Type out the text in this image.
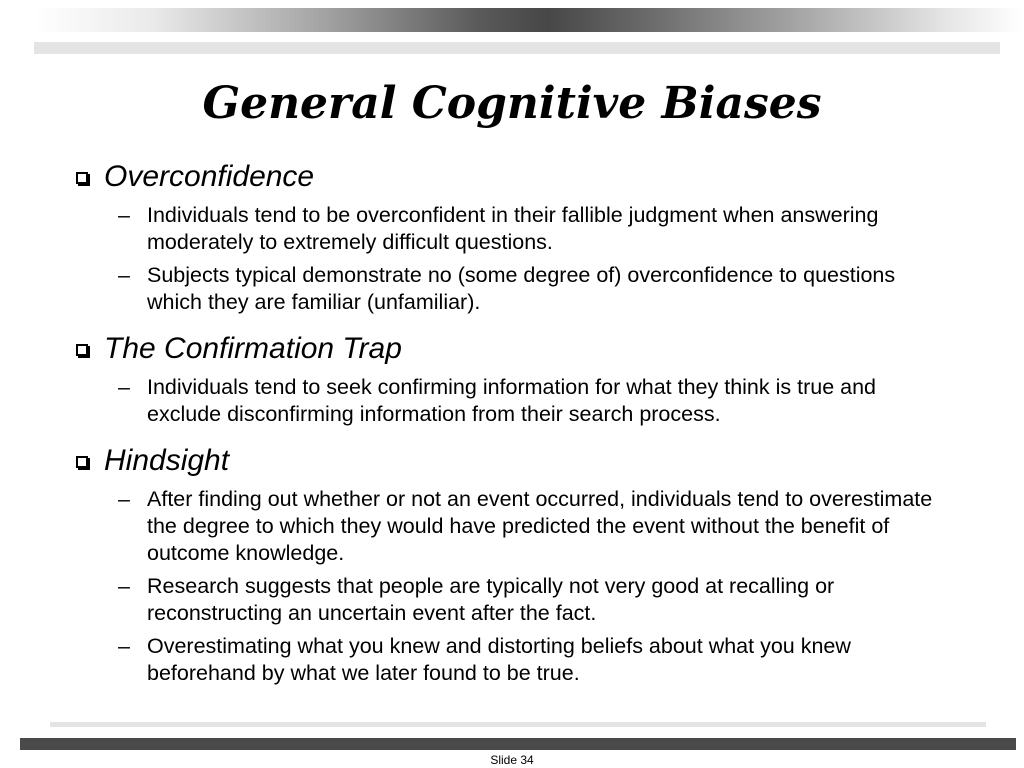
General Cognitive Biases
Overconfidence
– Individuals tend to be overconfident in their fallible judgment when answering moderately to extremely difficult questions.
– Subjects typical demonstrate no (some degree of) overconfidence to questions which they are familiar (unfamiliar).
The Confirmation Trap
– Individuals tend to seek confirming information for what they think is true and exclude disconfirming information from their search process.
Hindsight
– After finding out whether or not an event occurred, individuals tend to overestimate the degree to which they would have predicted the event without the benefit of outcome knowledge.
– Research suggests that people are typically not very good at recalling or reconstructing an uncertain event after the fact.
– Overestimating what you knew and distorting beliefs about what you knew beforehand by what we later found to be true.
Slide 34
